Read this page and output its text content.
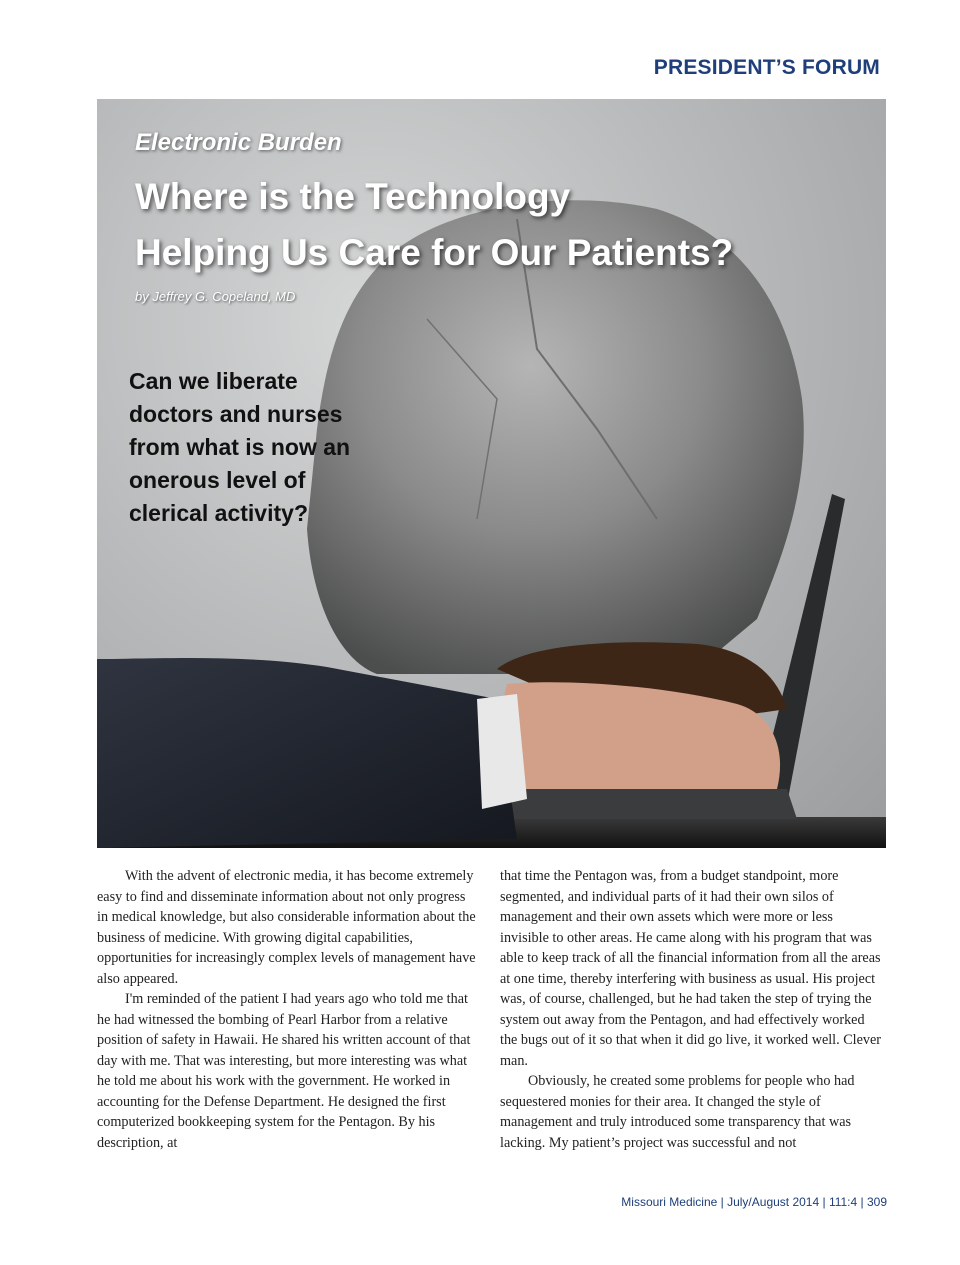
PRESIDENT’S FORUM
Electronic Burden
Where is the Technology
Helping Us Care for Our Patients?
by Jeffrey G. Copeland, MD
Can we liberate doctors and nurses from what is now an onerous level of clerical activity?

With the advent of electronic media, it has become extremely easy to find and disseminate information about not only progress in medical knowledge, but also considerable information about the business of medicine. With growing digital capabilities, opportunities for increasingly complex levels of management have also appeared.

I'm reminded of the patient I had years ago who told me that he had witnessed the bombing of Pearl Harbor from a relative position of safety in Hawaii. He shared his written account of that day with me. That was interesting, but more interesting was what he told me about his work with the government. He worked in accounting for the Defense Department. He designed the first computerized bookkeeping system for the Pentagon. By his description, at

that time the Pentagon was, from a budget standpoint, more segmented, and individual parts of it had their own silos of management and their own assets which were more or less invisible to other areas. He came along with his program that was able to keep track of all the financial information from all the areas at one time, thereby interfering with business as usual. His project was, of course, challenged, but he had taken the step of trying the system out away from the Pentagon, and had effectively worked the bugs out of it so that when it did go live, it worked well. Clever man.

Obviously, he created some problems for people who had sequestered monies for their area. It changed the style of management and truly introduced some transparency that was lacking. My patient’s project was successful and not

Missouri Medicine | July/August 2014 | 111:4 | 309
